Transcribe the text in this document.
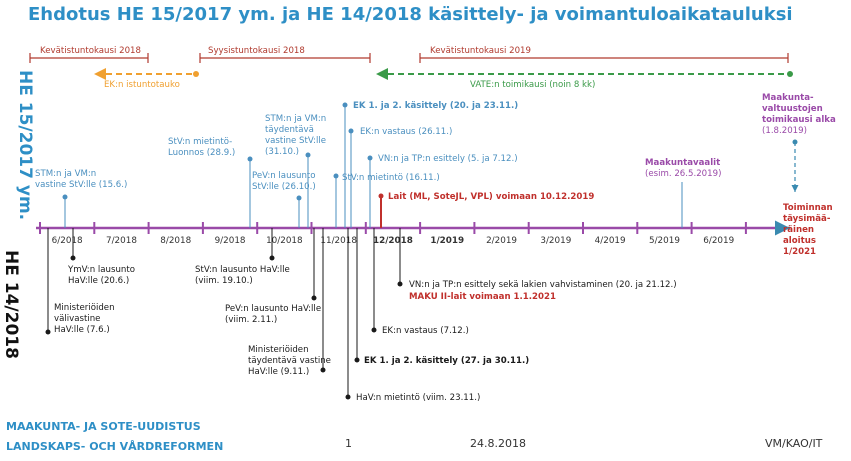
Ehdotus HE 15/2017 ym. ja HE 14/2018 käsittely- ja voimantuloaikatauluksi
HE 15/2017 ym.
HE 14/2018
Kevätistuntokausi 2018	Syysistuntokausi 2018	Kevätistuntokausi 2019
EK:n istuntotauko	VATE:n toimikausi (noin 8 kk)
6/2018	7/2018	8/2018	9/2018 10/2018 11/2018 12/2018 1/2019 2/2019	3/2019	4/2019	5/2019	6/2019
STM:n ja VM:n
vastine StV:lle (15.6.)
StV:n mietintö-
Luonnos (28.9.)
STM:n ja VM:n
täydentävä
vastine StV:lle
(31.10.)
PeV:n lausunto
StV:lle (26.10.)
EK 1. ja 2. käsittely (20. ja 23.11.)
EK:n vastaus (26.11.)
VN:n ja TP:n esittely (5. ja 7.12.)
StV:n mietintö (16.11.)
Lait (ML, SoteJL, VPL) voimaan 10.12.2019
Maakuntavaalit
(esim. 26.5.2019)
Maakunta-
valtuustojen
toimikausi alka
(1.8.2019)
Toiminnan
täysimää-
räinen
aloitus
1/2021
YmV:n lausunto
HaV:lle (20.6.)
Ministeriöiden
välivastine
HaV:lle (7.6.)
StV:n lausunto HaV:lle
(viim. 19.10.)
PeV:n lausunto HaV:lle
(viim. 2.11.)
Ministeriöiden
täydentävä vastine
HaV:lle (9.11.)
VN:n ja TP:n esittely sekä lakien vahvistaminen (20. ja 21.12.)
MAKU II-lait voimaan 1.1.2021
EK:n vastaus (7.12.)
EK 1. ja 2. käsittely (27. ja 30.11.)
HaV:n mietintö (viim. 23.11.)
MAAKUNTA- JA SOTE-UUDISTUS
LANDSKAPS- OCH VÅRDREFORMEN	1	24.8.2018	VM/KAO/IT
